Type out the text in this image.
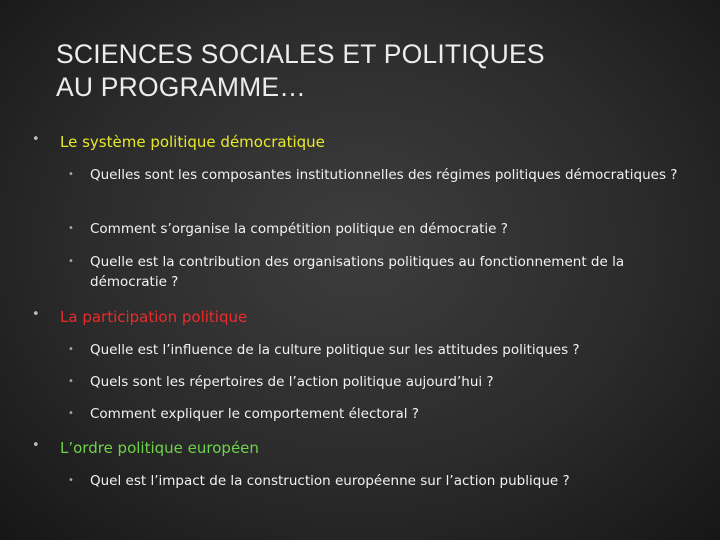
SCIENCES SOCIALES ET POLITIQUES
AU PROGRAMME…
• Le système politique démocratique
• Quelles sont les composantes institutionnelles des régimes politiques démocratiques ?
• Comment s’organise la compétition politique en démocratie ?
• Quelle est la contribution des organisations politiques au fonctionnement de la démocratie ?
• La participation politique
• Quelle est l’influence de la culture politique sur les attitudes politiques ?
• Quels sont les répertoires de l’action politique aujourd’hui ?
• Comment expliquer le comportement électoral ?
• L’ordre politique européen
• Quel est l’impact de la construction européenne sur l’action publique ?
